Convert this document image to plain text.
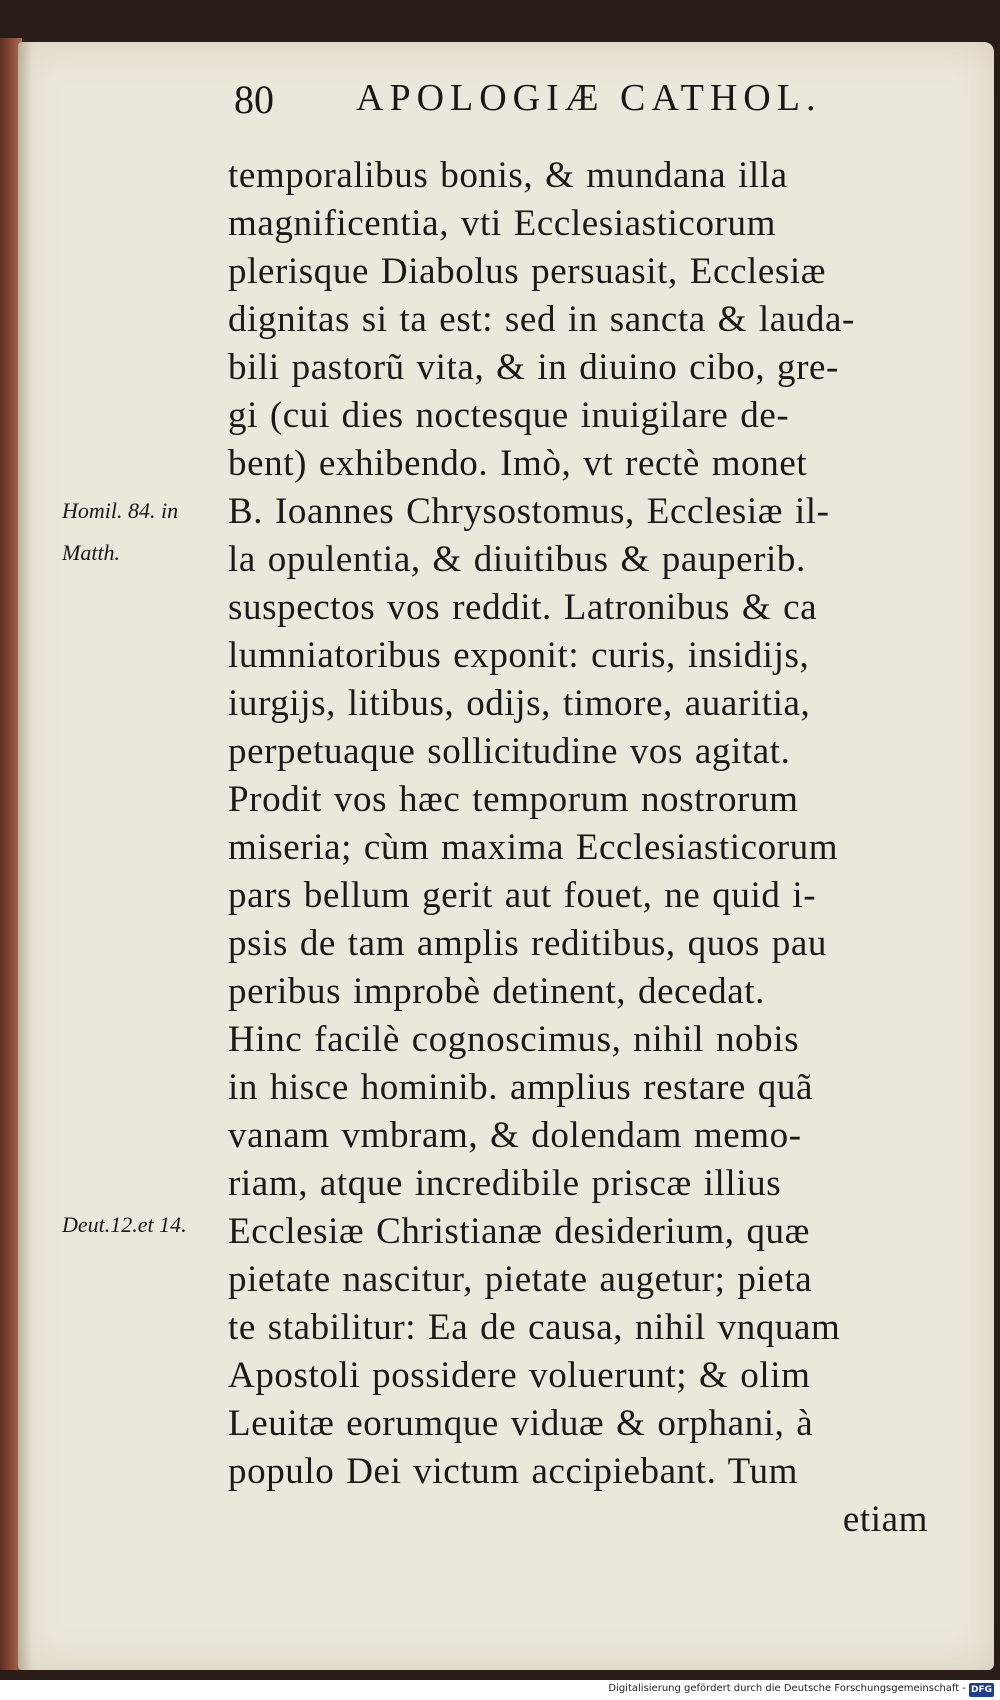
80 APOLOGIÆ CATHOL.
Homil. 84. in
Matth.
Deut.12.et 14.
temporalibus bonis, & mundana illa
magnificentia, vti Ecclesiasticorum
plerisque Diabolus persuasit, Ecclesiæ
dignitas si ta est: sed in sancta & lauda-
bili pastorũ vita, & in diuino cibo, gre-
gi (cui dies noctesque inuigilare de-
bent) exhibendo. Imò, vt rectè monet
B. Ioannes Chrysostomus, Ecclesiæ il-
la opulentia, & diuitibus & pauperib.
suspectos vos reddit. Latronibus & ca
lumniatoribus exponit: curis, insidijs,
iurgijs, litibus, odijs, timore, auaritia,
perpetuaque sollicitudine vos agitat.
Prodit vos hæc temporum nostrorum
miseria; cùm maxima Ecclesiasticorum
pars bellum gerit aut fouet, ne quid i-
psis de tam amplis reditibus, quos pau
peribus improbè detinent, decedat.
Hinc facilè cognoscimus, nihil nobis
in hisce hominib. amplius restare quã
vanam vmbram, & dolendam memo-
riam, atque incredibile priscæ illius
Ecclesiæ Christianæ desiderium, quæ
pietate nascitur, pietate augetur; pieta
te stabilitur: Ea de causa, nihil vnquam
Apostoli possidere voluerunt; & olim
Leuitæ eorumque viduæ & orphani, à
populo Dei victum accipiebant. Tum
etiam
Digitalisierung gefördert durch die Deutsche Forschungsgemeinschaft - DFG
